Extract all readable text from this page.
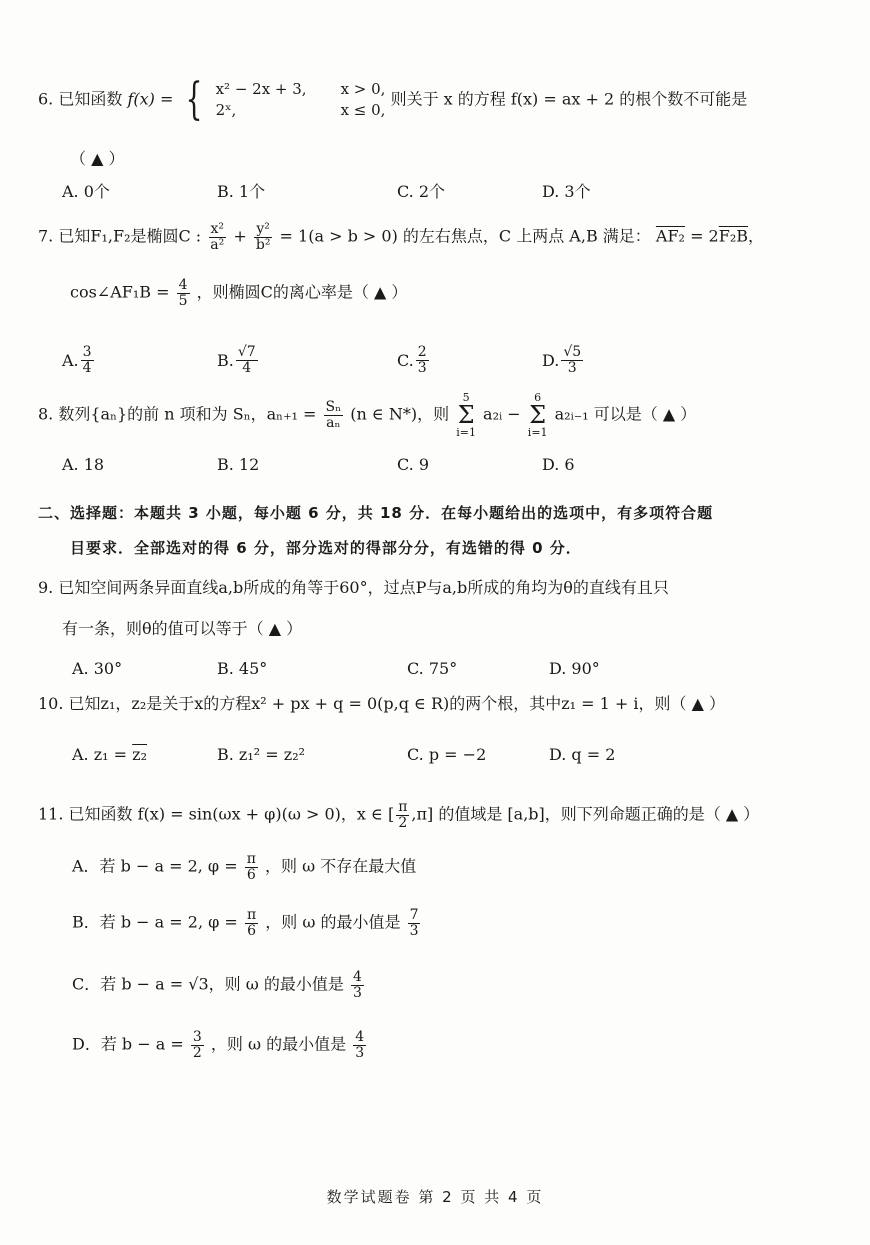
6. 已知函数 f(x) = { x² − 2x + 3,	x > 0,
2ˣ,	x ≤ 0,
则关于 x 的方程 f(x) = ax + 2 的根个数不可能是
（ ▲ ）
A. 0个	B. 1个	C. 2个	D. 3个
7. 已知F₁,F₂是椭圆C : $\frac{\text{x²}}{\text{a²}} + \frac{\text{y²}}{\text{b²}} = 1(a > b > 0)$ 的左右焦点，C 上两点 A,B 满足： AF₂ = 2F₂B，
cos∠AF₁B = $\frac{4}{5}$ ，则椭圆C的离心率是（ ▲ ）
A. $\frac{3}{4}$	B. $\frac{√7}{4}$	C. $\frac{2}{3}$	D. $\frac{√5}{3}$
8. 数列{aₙ}的前 n 项和为 Sₙ，$a_{n+1} = \frac{\text{Sₙ}}{\text{aₙ}} (n$ ∈ N*)，则
5
Σ
i=1
a₂ᵢ −
6
Σ
i=1
a₂ᵢ₋₁ 可以是（ ▲ ）
A. 18	B. 12	C. 9	D. 6
二、选择题：本题共 3 小题，每小题 6 分，共 18 分．在每小题给出的选项中，有多项符合题
目要求．全部选对的得 6 分，部分选对的得部分分，有选错的得 0 分．
9. 已知空间两条异面直线a,b所成的角等于60°，过点P与a,b所成的角均为θ的直线有且只
有一条，则θ的值可以等于（ ▲ ）
A. 30°	B. 45°	C. 75°	D. 90°
10. 已知z₁，z₂是关于x的方程x² + px + q = 0(p,q ∈ R)的两个根，其中z₁ = 1 + i，则（ ▲ ）
A.
z₁ =
z₂	B. z₁² = z₂²	C. p = −2	D. q = 2
11. 已知函数 f(x) = sin(ωx + φ)(ω > 0)，x ∈ [ $\frac{\pi}{2} ,\pi$] 的值域是 [a,b]，则下列命题正确的是（ ▲ ）
A．若 b − a = 2, $\varphi = \frac{\pi}{6}$ ，则 ω 不存在最大值
B．若 b − a = 2, $\varphi = \frac{\pi}{6}$ ，则 ω 的最小值是 $\frac{7}{3}$
C．若 b − a = √3，则 ω 的最小值是 $\frac{4}{3}$
D．若 $b - a = \frac{3}{2}$ ，则 ω 的最小值是 $\frac{4}{3}$
数学试题卷 第 2 页 共 4 页
